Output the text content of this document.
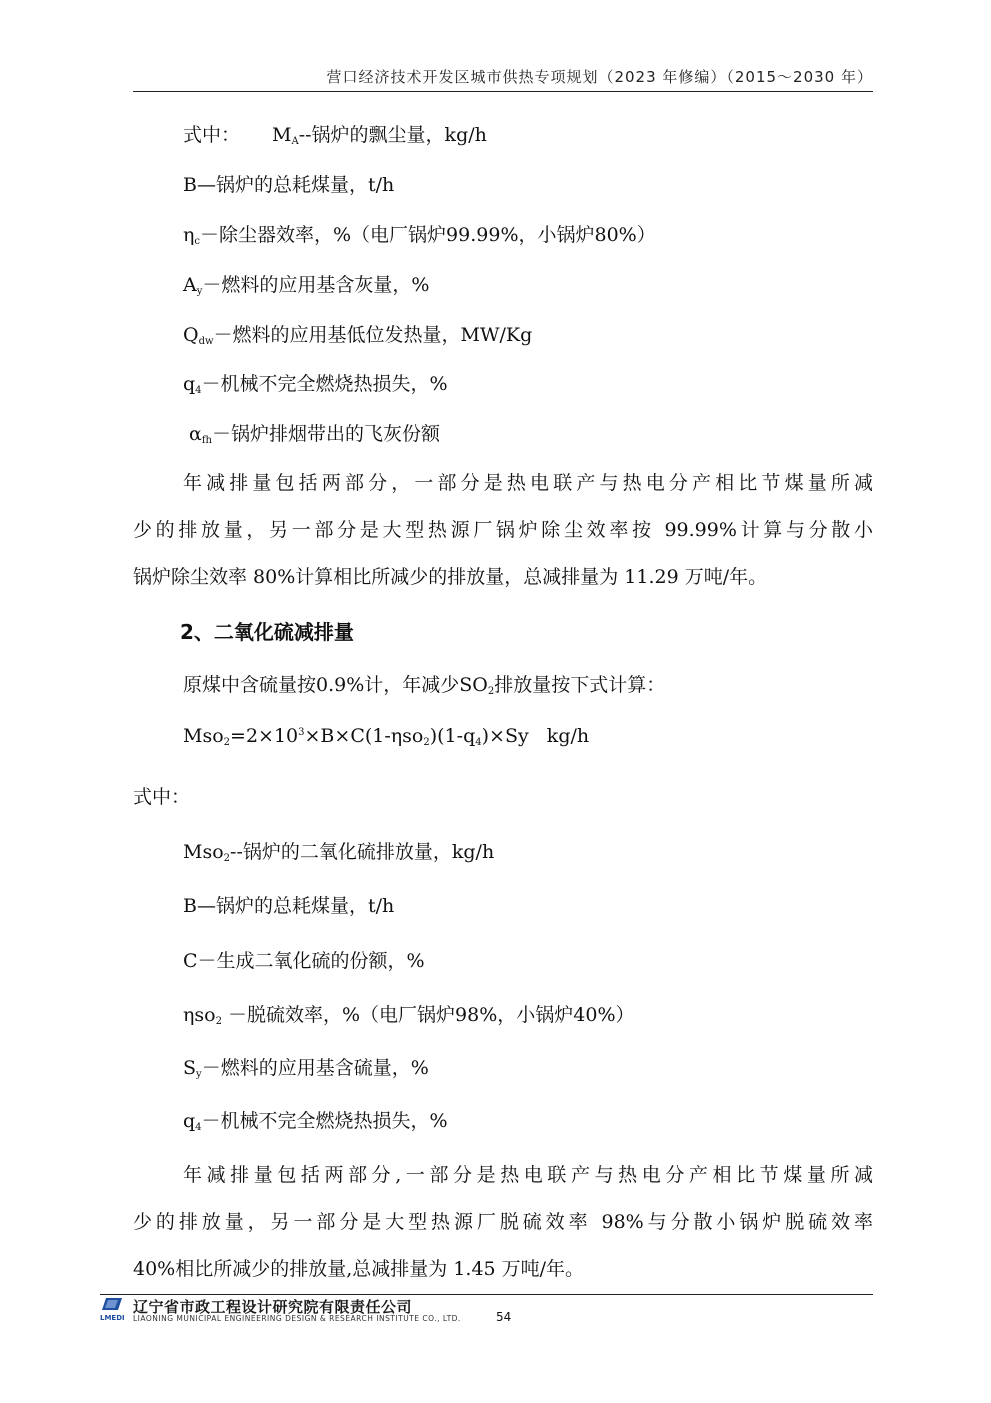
营口经济技术开发区城市供热专项规划（2023 年修编）（2015～2030 年）
式中： $M_A--$锅炉的飘尘量，kg/h
B—锅炉的总耗煤量，t/h
$\eta_c-$除尘器效率，%（电厂锅炉99.99%，小锅炉80%）
$A_y-$燃料的应用基含灰量，%
$Q_{dw}-$燃料的应用基低位发热量，MW/Kg
$q_4-$机械不完全燃烧热损失，%
$\alpha_{fh}-$锅炉排烟带出的飞灰份额
年减排量包括两部分，一部分是热电联产与热电分产相比节煤量所减
少的排放量，另一部分是大型热源厂锅炉除尘效率按 99.99%计算与分散小
锅炉除尘效率 80%计算相比所减少的排放量，总减排量为 11.29 万吨/年。
2、二氧化硫减排量
原煤中含硫量按0.9%计，年减少$SO_2$排放量按下式计算：
$Mso_2=2\times 10^3\times B\times C(1-\eta so_2)(1-q_4)\times Sy$   kg/h
式中：
Mso$_2$--锅炉的二氧化硫排放量，kg/h
B—锅炉的总耗煤量，t/h
C－生成二氧化硫的份额，%
ηso$_2$ －脱硫效率，%（电厂锅炉98%，小锅炉40%）
$S_y-$燃料的应用基含硫量，%
$q_4-$机械不完全燃烧热损失，%
年减排量包括两部分,一部分是热电联产与热电分产相比节煤量所减
少的排放量，另一部分是大型热源厂脱硫效率 98%与分散小锅炉脱硫效率
40%相比所减少的排放量,总减排量为 1.45 万吨/年。
LMEDI
辽宁省市政工程设计研究院有限责任公司
LIAONING MUNICIPAL ENGINEERING DESIGN & RESEARCH INSTITUTE CO., LTD.	54
